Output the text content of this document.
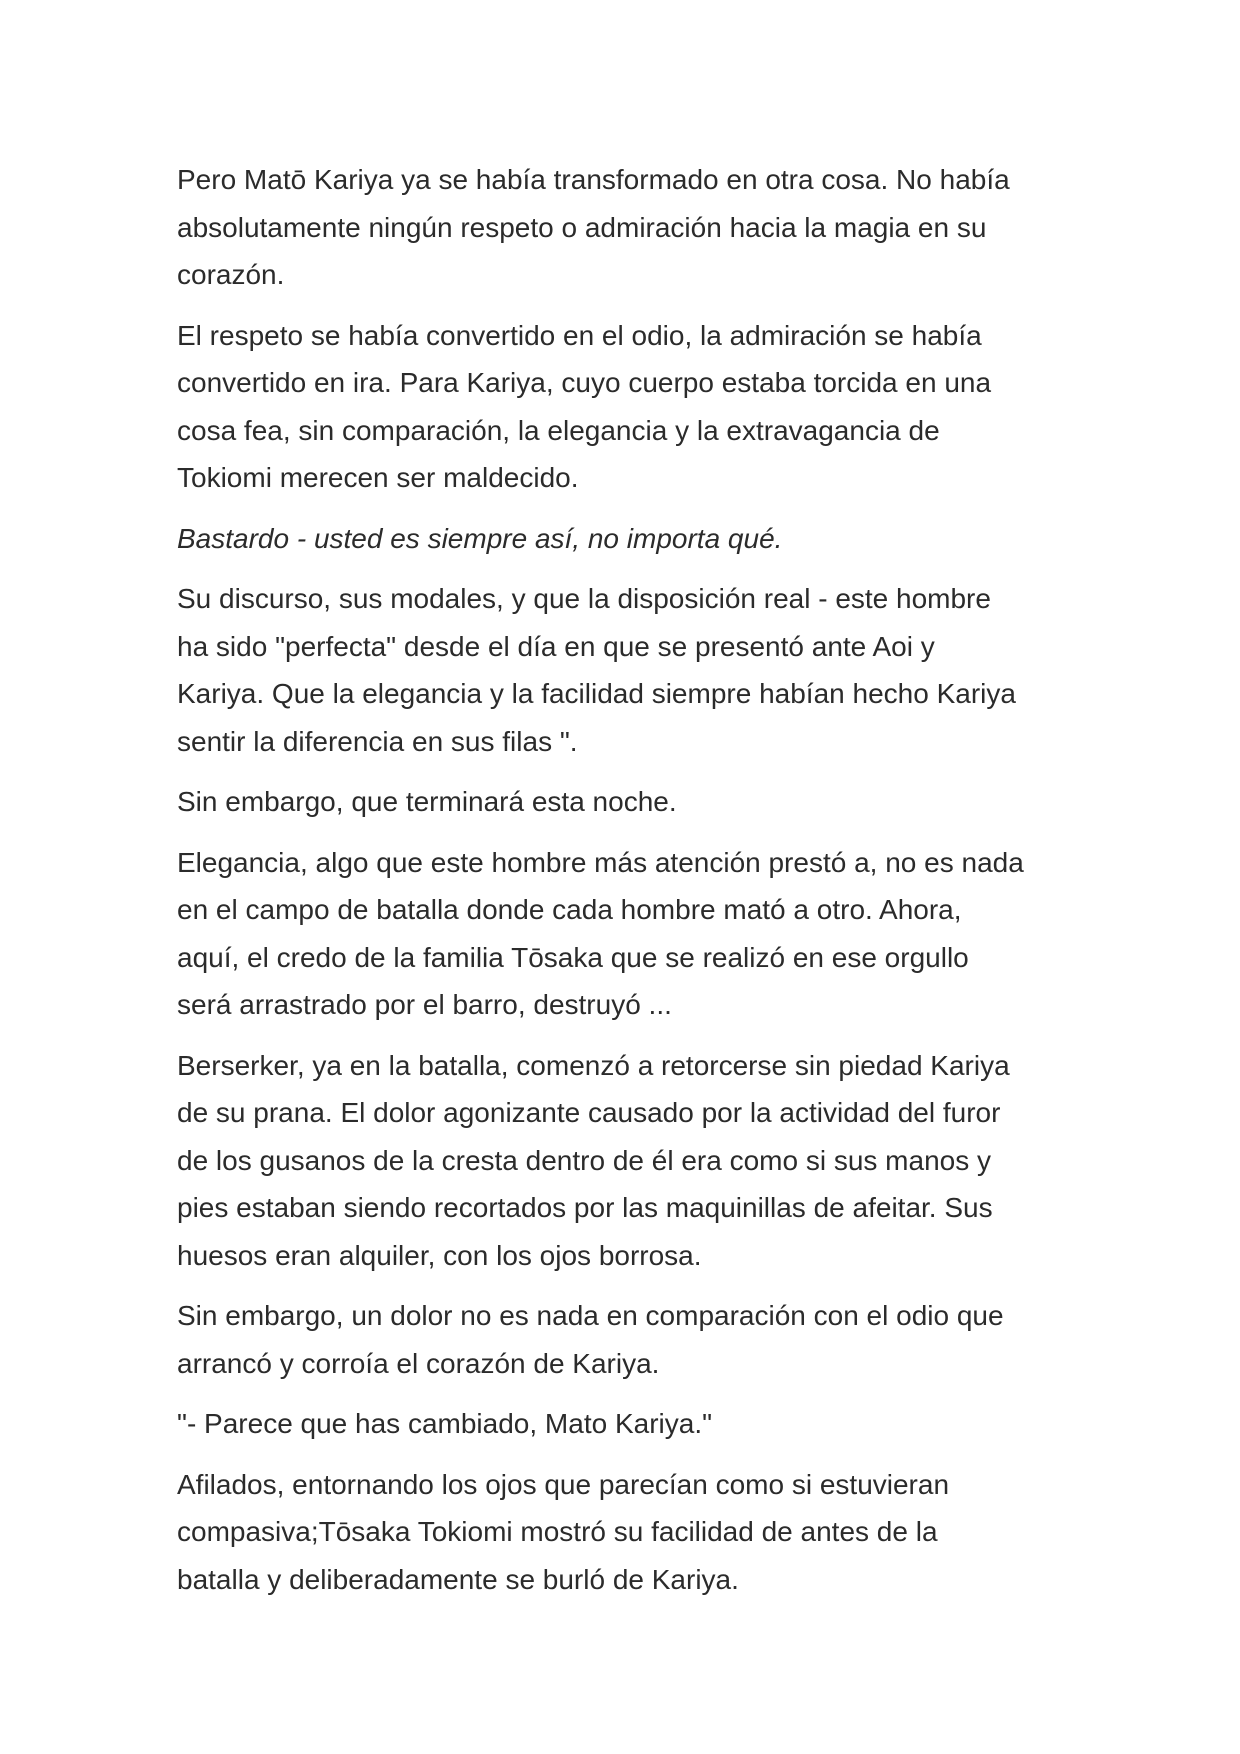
Pero Matō Kariya ya se había transformado en otra cosa. No había
absolutamente ningún respeto o admiración hacia la magia en su
corazón.

El respeto se había convertido en el odio, la admiración se había
convertido en ira. Para Kariya, cuyo cuerpo estaba torcida en una
cosa fea, sin comparación, la elegancia y la extravagancia de
Tokiomi merecen ser maldecido.

Bastardo - usted es siempre así, no importa qué.

Su discurso, sus modales, y que la disposición real - este hombre
ha sido "perfecta" desde el día en que se presentó ante Aoi y
Kariya. Que la elegancia y la facilidad siempre habían hecho Kariya
sentir la diferencia en sus filas ".

Sin embargo, que terminará esta noche.

Elegancia, algo que este hombre más atención prestó a, no es nada
en el campo de batalla donde cada hombre mató a otro. Ahora,
aquí, el credo de la familia Tōsaka que se realizó en ese orgullo
será arrastrado por el barro, destruyó ...

Berserker, ya en la batalla, comenzó a retorcerse sin piedad Kariya
de su prana. El dolor agonizante causado por la actividad del furor
de los gusanos de la cresta dentro de él era como si sus manos y
pies estaban siendo recortados por las maquinillas de afeitar. Sus
huesos eran alquiler, con los ojos borrosa.

Sin embargo, un dolor no es nada en comparación con el odio que
arrancó y corroía el corazón de Kariya.

"- Parece que has cambiado, Mato Kariya."

Afilados, entornando los ojos que parecían como si estuvieran
compasiva;Tōsaka Tokiomi mostró su facilidad de antes de la
batalla y deliberadamente se burló de Kariya.
